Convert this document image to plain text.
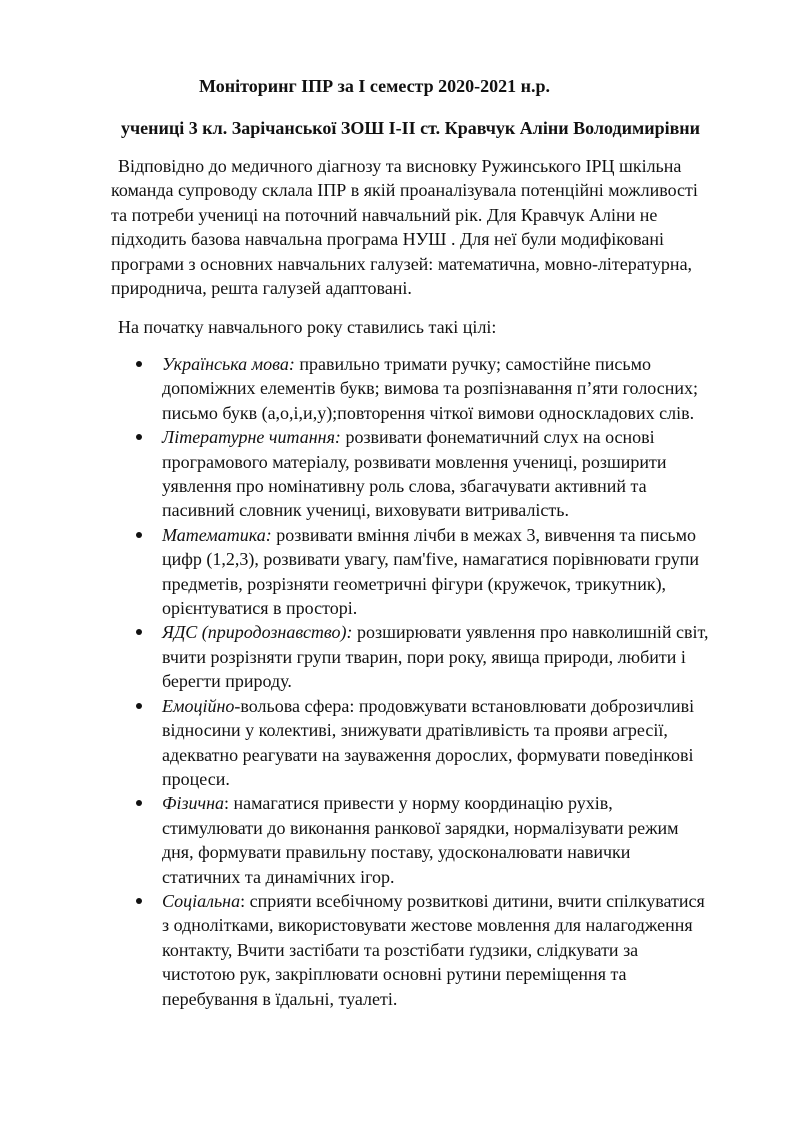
Моніторинг ІПР за І семестр 2020-2021 н.р.
учениці 3 кл. Зарічанської ЗОШ І-ІІ ст. Кравчук Аліни Володимирівни
Відповідно до медичного діагнозу та висновку Ружинського ІРЦ шкільна
команда супроводу склала ІПР в якій проаналізувала потенційні можливості
та потреби учениці на поточний навчальний рік. Для Кравчук Аліни не
підходить базова навчальна програма НУШ . Для неї були модифіковані
програми з основних навчальних галузей: математична, мовно-літературна,
природнича, решта галузей адаптовані.
На початку навчального року ставились такі цілі:
Українська мова: правильно тримати ручку; самостійне письмо
допоміжних елементів букв; вимова та розпізнавання п’яти голосних;
письмо букв (а,о,і,и,у);повторення чіткої вимови односкладових слів.
Літературне читання: розвивати фонематичний слух на основі
програмового матеріалу, розвивати мовлення учениці, розширити
уявлення про номінативну роль слова, збагачувати активний та
пасивний словник учениці, виховувати витривалість.
Математика: розвивати вміння лічби в межах 3, вивчення та письмо
цифр (1,2,3), розвивати увагу, пам'five, намагатися порівнювати групи
предметів, розрізняти геометричні фігури (кружечок, трикутник),
орієнтуватися в просторі.
ЯДС (природознавство): розширювати уявлення про навколишній світ,
вчити розрізняти групи тварин, пори року, явища природи, любити і
берегти природу.
Емоційно-вольова сфера: продовжувати встановлювати доброзичливі
відносини у колективі, знижувати дратівливість та прояви агресії,
адекватно реагувати на зауваження дорослих, формувати поведінкові
процеси.
Фізична: намагатися привести у норму координацію рухів,
стимулювати до виконання ранкової зарядки, нормалізувати режим
дня, формувати правильну поставу, удосконалювати навички
статичних та динамічних ігор.
Соціальна: сприяти всебічному розвиткові дитини, вчити спілкуватися
з однолітками, використовувати жестове мовлення для налагодження
контакту, Вчити застібати та розстібати ґудзики, слідкувати за
чистотою рук, закріплювати основні рутини переміщення та
перебування в їдальні, туалеті.
